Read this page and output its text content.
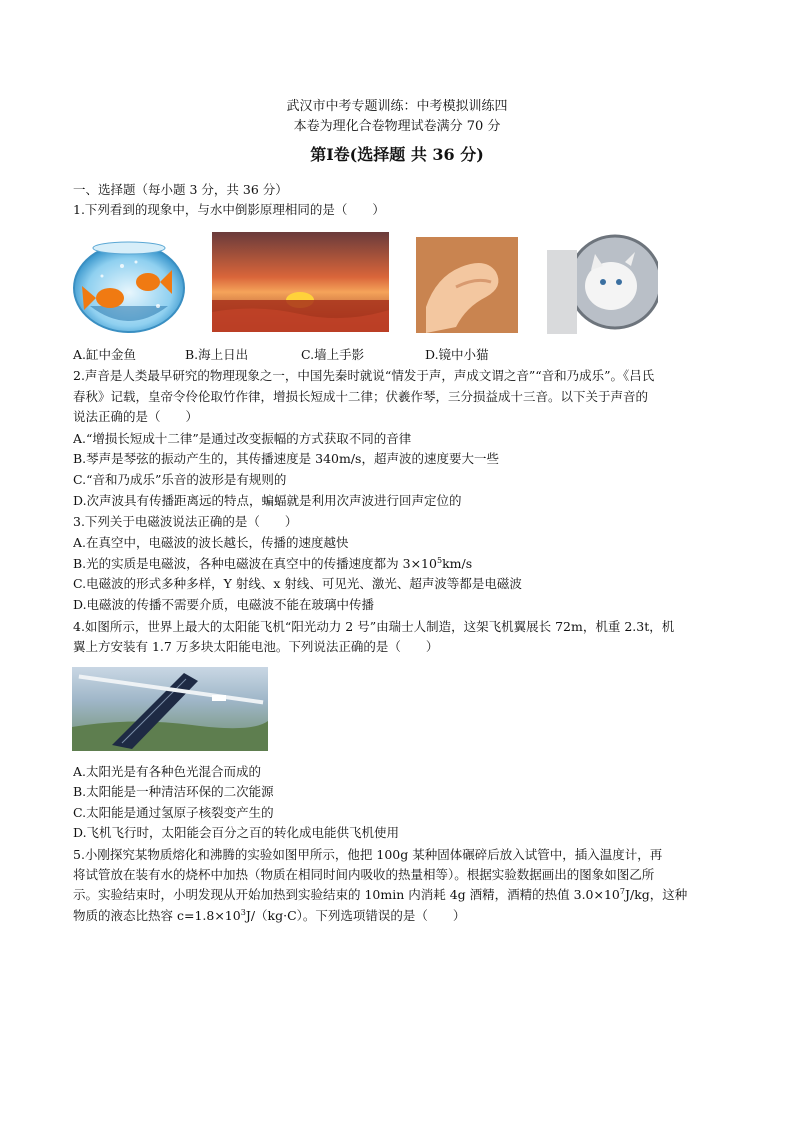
武汉市中考专题训练：中考模拟训练四
本卷为理化合卷物理试卷满分 70 分
第Ⅰ卷(选择题 共 36 分)
一、选择题（每小题 3 分，共 36 分）
1.下列看到的现象中，与水中倒影原理相同的是（　　）
A.缸中金鱼	B.海上日出	C.墙上手影	D.镜中小猫
2.声音是人类最早研究的物理现象之一，中国先秦时就说“情发于声，声成文谓之音”“音和乃成乐”。《吕氏
春秋》记载，皇帝令伶伦取竹作律，增损长短成十二律；伏羲作琴，三分损益成十三音。以下关于声音的
说法正确的是（　　）
A.“增损长短成十二律”是通过改变振幅的方式获取不同的音律
B.琴声是琴弦的振动产生的，其传播速度是 340m/s，超声波的速度要大一些
C.“音和乃成乐”乐音的波形是有规则的
D.次声波具有传播距离远的特点，蝙蝠就是利用次声波进行回声定位的
3.下列关于电磁波说法正确的是（　　）
A.在真空中，电磁波的波长越长，传播的速度越快
B.光的实质是电磁波，各种电磁波在真空中的传播速度都为 $3\times 10^5km/s$
C.电磁波的形式多种多样，Y 射线、x 射线、可见光、激光、超声波等都是电磁波
D.电磁波的传播不需要介质，电磁波不能在玻璃中传播
4.如图所示，世界上最大的太阳能飞机“阳光动力 2 号”由瑞士人制造，这架飞机翼展长 72m，机重 2.3t，机
翼上方安装有 1.7 万多块太阳能电池。下列说法正确的是（　　）
A.太阳光是有各种色光混合而成的
B.太阳能是一种清洁环保的二次能源
C.太阳能是通过氢原子核裂变产生的
D.飞机飞行时，太阳能会百分之百的转化成电能供飞机使用
5.小刚探究某物质熔化和沸腾的实验如图甲所示，他把 100g 某种固体碾碎后放入试管中，插入温度计，再
将试管放在装有水的烧杯中加热（物质在相同时间内吸收的热量相等）。根据实验数据画出的图象如图乙所
示。实验结束时，小明发现从开始加热到实验结束的 10min 内消耗 4g 酒精，酒精的热值 $3.0\times 10^7J/kg$，这种
物质的液态比热容 $c=1.8\times 10^3J/(kg\cdot C)$。下列选项错误的是（　　）
